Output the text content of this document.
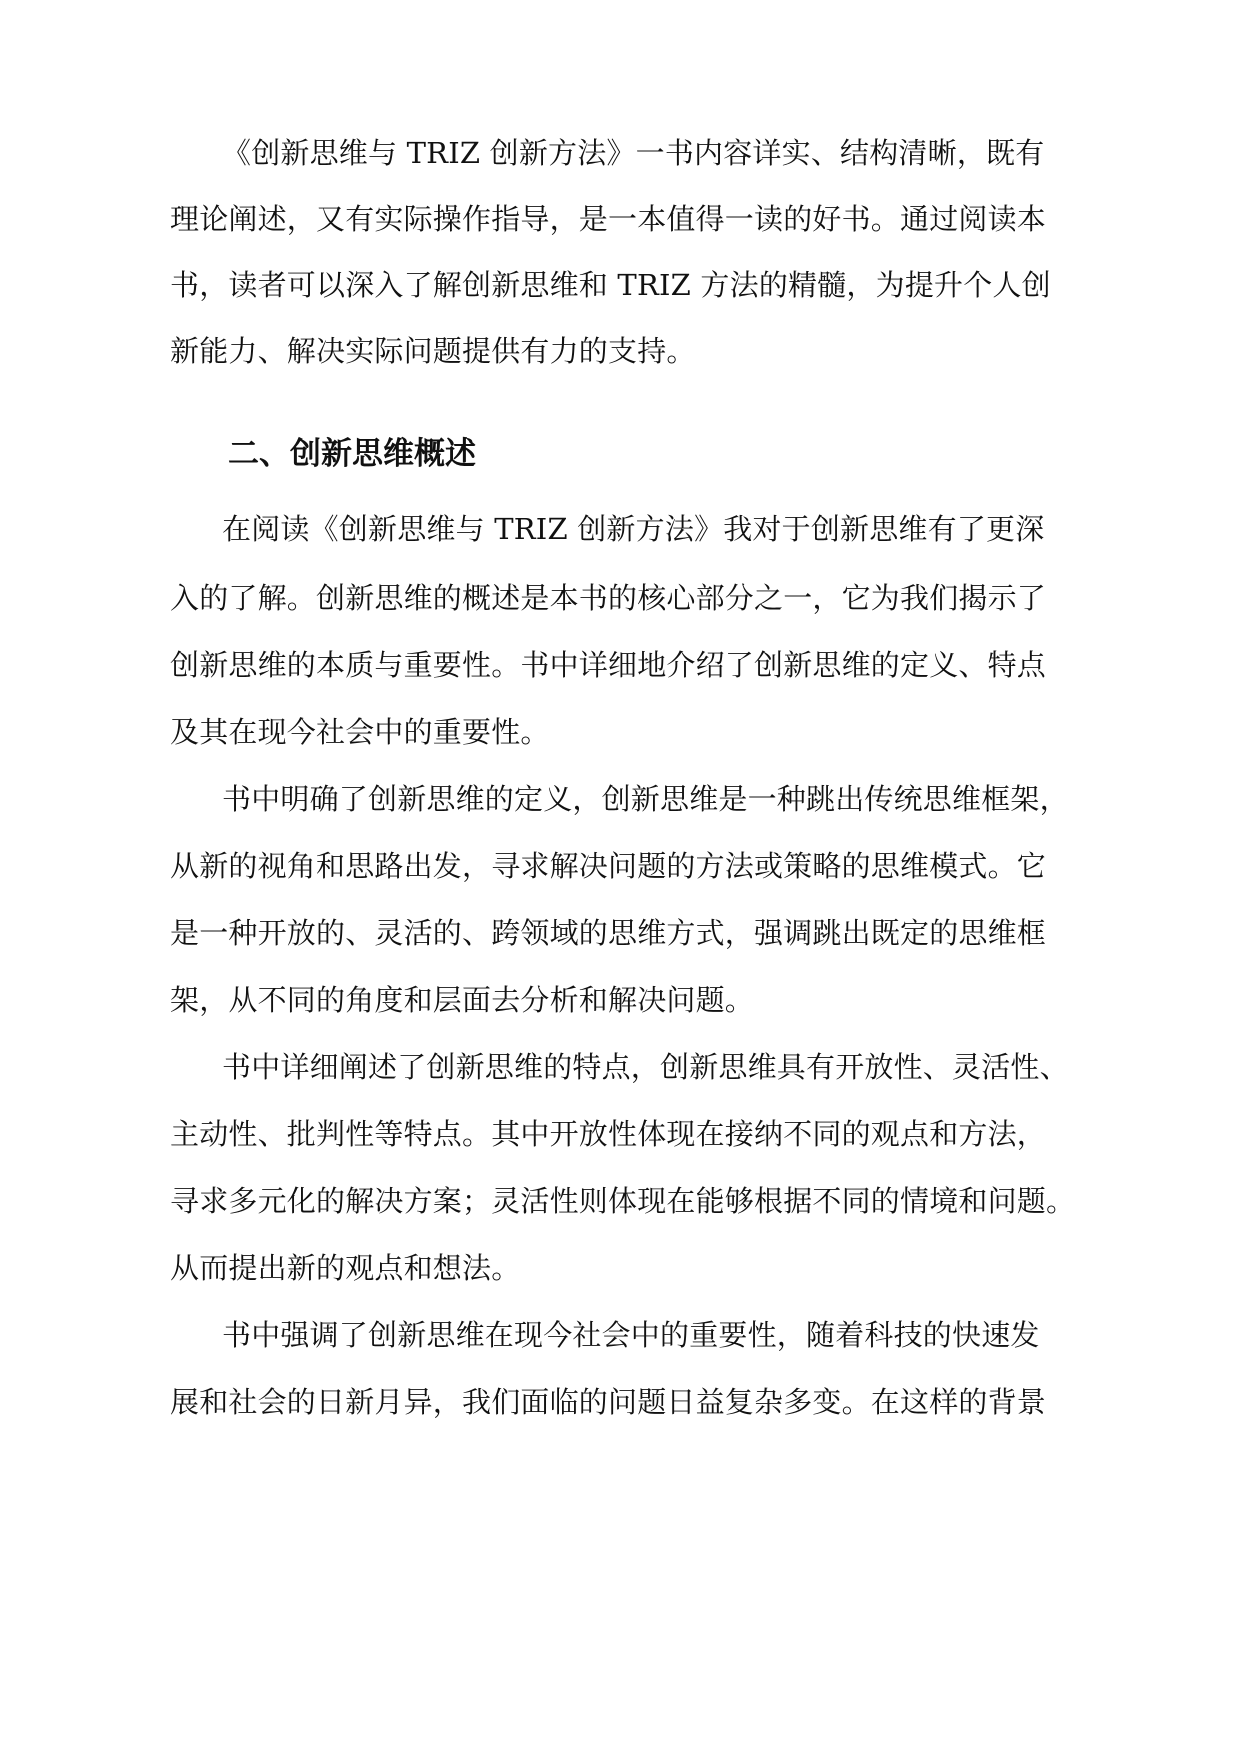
《创新思维与 TRIZ 创新方法》一书内容详实、结构清晰，既有
理论阐述，又有实际操作指导，是一本值得一读的好书。通过阅读本
书，读者可以深入了解创新思维和 TRIZ 方法的精髓，为提升个人创
新能力、解决实际问题提供有力的支持。
二、创新思维概述
在阅读《创新思维与 TRIZ 创新方法》我对于创新思维有了更深
入的了解。创新思维的概述是本书的核心部分之一，它为我们揭示了
创新思维的本质与重要性。书中详细地介绍了创新思维的定义、特点
及其在现今社会中的重要性。
书中明确了创新思维的定义，创新思维是一种跳出传统思维框架，
从新的视角和思路出发，寻求解决问题的方法或策略的思维模式。它
是一种开放的、灵活的、跨领域的思维方式，强调跳出既定的思维框
架，从不同的角度和层面去分析和解决问题。
书中详细阐述了创新思维的特点，创新思维具有开放性、灵活性、
主动性、批判性等特点。其中开放性体现在接纳不同的观点和方法，
寻求多元化的解决方案；灵活性则体现在能够根据不同的情境和问题。
从而提出新的观点和想法。
书中强调了创新思维在现今社会中的重要性，随着科技的快速发
展和社会的日新月异，我们面临的问题日益复杂多变。在这样的背景
